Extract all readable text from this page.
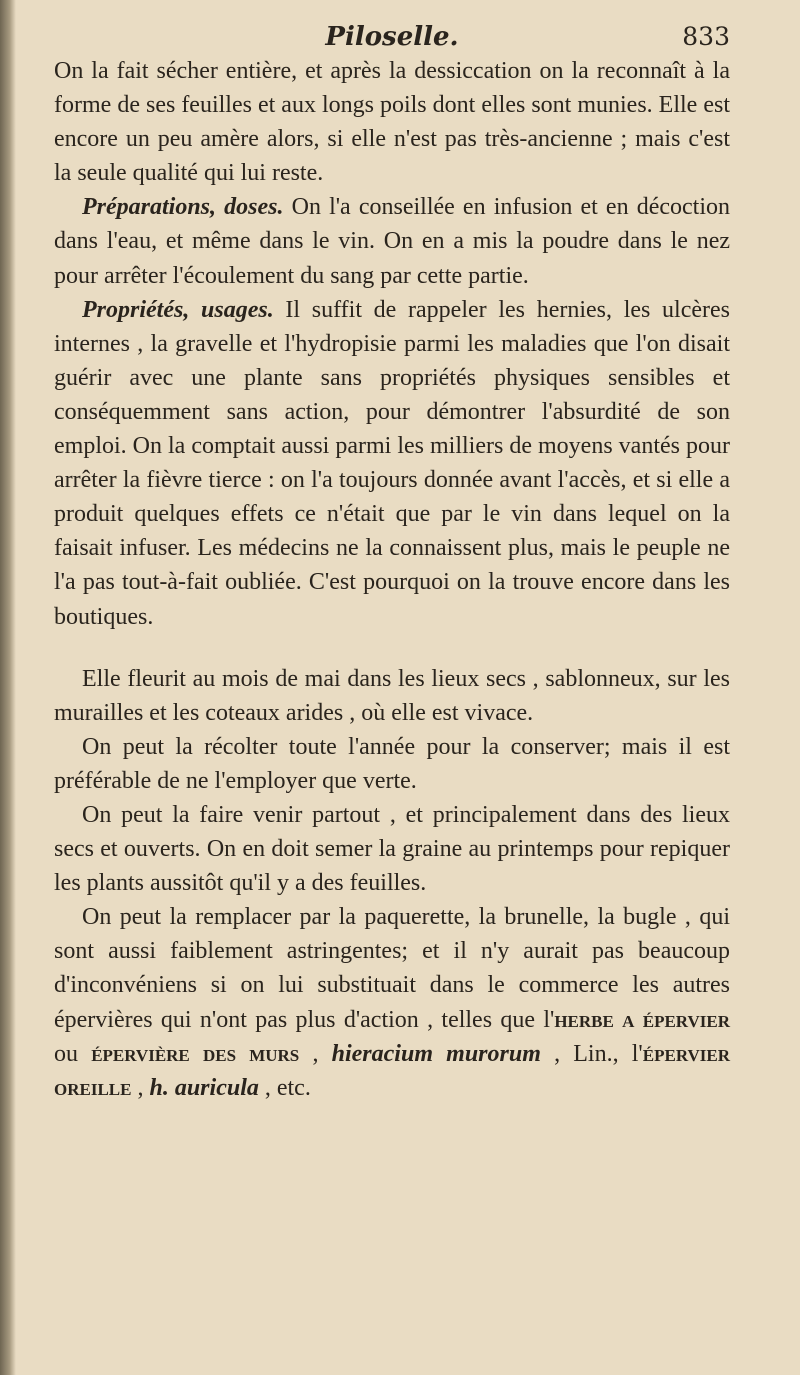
Piloselle.	833

On la fait sécher entière, et après la dessiccation on la reconnaît à la forme de ses feuilles et aux longs poils dont elles sont munies. Elle est encore un peu amère alors, si elle n'est pas très-ancienne ; mais c'est la seule qualité qui lui reste.

Préparations, doses. On l'a conseillée en infusion et en décoction dans l'eau, et même dans le vin. On en a mis la poudre dans le nez pour arrêter l'écoulement du sang par cette partie.

Propriétés, usages. Il suffit de rappeler les hernies, les ulcères internes , la gravelle et l'hydropisie parmi les maladies que l'on disait guérir avec une plante sans propriétés physiques sensibles et conséquemment sans action, pour démontrer l'absurdité de son emploi. On la comptait aussi parmi les milliers de moyens vantés pour arrêter la fièvre tierce : on l'a toujours donnée avant l'accès, et si elle a produit quelques effets ce n'était que par le vin dans lequel on la faisait infuser. Les médecins ne la connaissent plus, mais le peuple ne l'a pas tout-à-fait oubliée. C'est pourquoi on la trouve encore dans les boutiques.

Elle fleurit au mois de mai dans les lieux secs , sablonneux, sur les murailles et les coteaux arides , où elle est vivace.

On peut la récolter toute l'année pour la conserver; mais il est préférable de ne l'employer que verte.

On peut la faire venir partout , et principalement dans des lieux secs et ouverts. On en doit semer la graine au printemps pour repiquer les plants aussitôt qu'il y a des feuilles.

On peut la remplacer par la paquerette, la brunelle, la bugle , qui sont aussi faiblement astringentes; et il n'y aurait pas beaucoup d'inconvéniens si on lui substituait dans le commerce les autres épervières qui n'ont pas plus d'action , telles que l'herbe a épervier ou épervière des murs , hieracium murorum , Lin., l'épervier oreille , h. auricula , etc.
